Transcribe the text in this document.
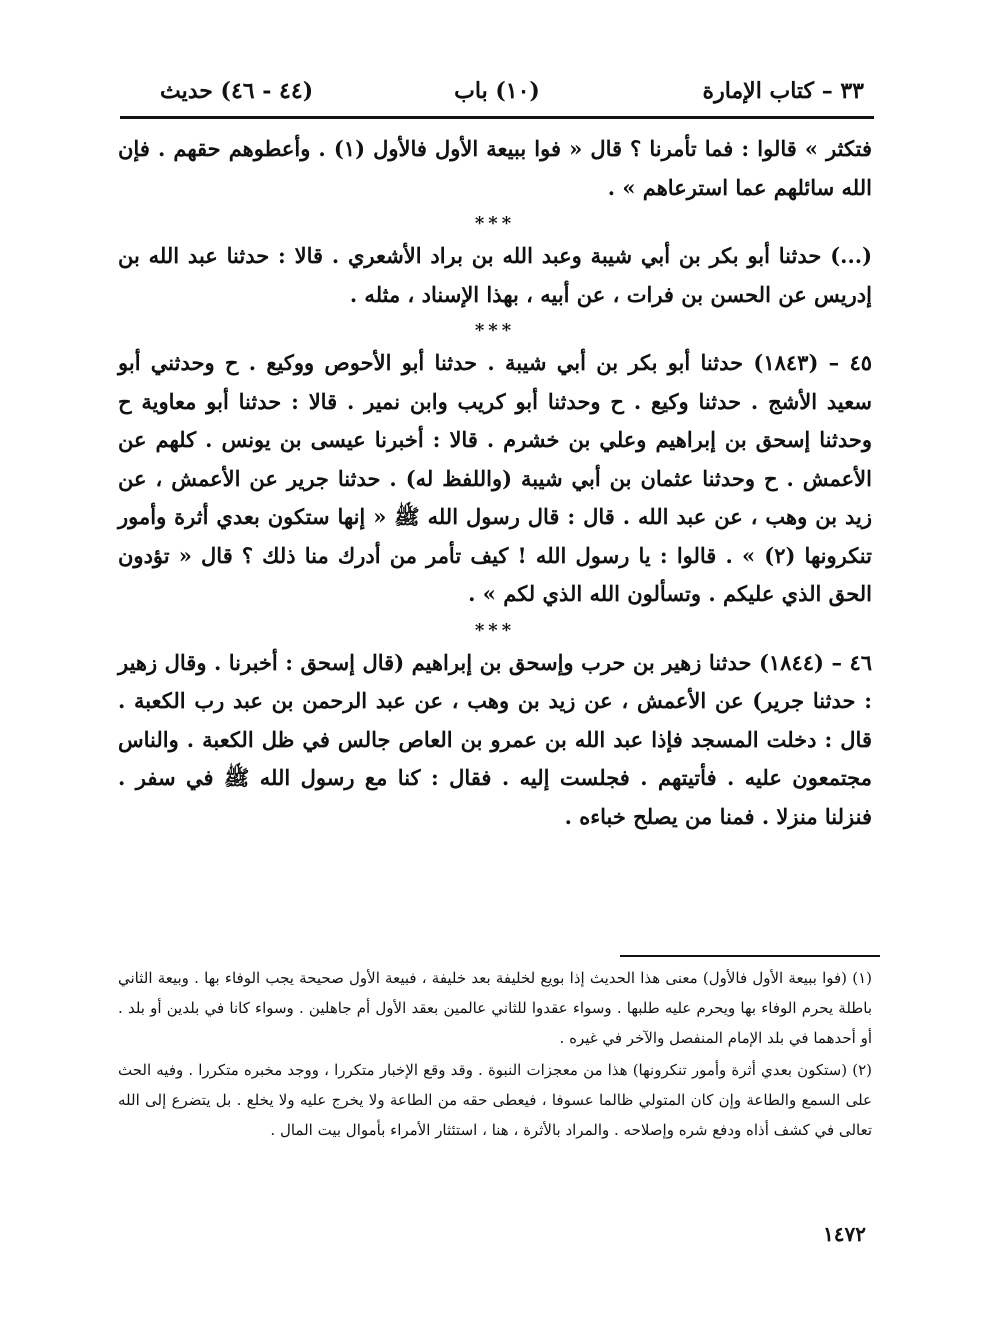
٣٣ – كتاب الإمارة
(١٠) باب
(٤٤ - ٤٦) حديث

فتكثر » قالوا : فما تأمرنا ؟ قال « فوا ببيعة الأول فالأول (١) . وأعطوهم حقهم . فإن الله سائلهم عما استرعاهم » .

***

(...) حدثنا أبو بكر بن أبي شيبة وعبد الله بن براد الأشعري . قالا : حدثنا عبد الله بن إدريس عن الحسن بن فرات ، عن أبيه ، بهذا الإسناد ، مثله .

***

٤٥ – (١٨٤٣) حدثنا أبو بكر بن أبي شيبة . حدثنا أبو الأحوص ووكيع . ح وحدثني أبو سعيد الأشج . حدثنا وكيع . ح وحدثنا أبو كريب وابن نمير . قالا : حدثنا أبو معاوية ح وحدثنا إسحق بن إبراهيم وعلي بن خشرم . قالا : أخبرنا عيسى بن يونس . كلهم عن الأعمش . ح وحدثنا عثمان بن أبي شيبة (واللفظ له) . حدثنا جرير عن الأعمش ، عن زيد بن وهب ، عن عبد الله . قال : قال رسول الله ﷺ « إنها ستكون بعدي أثرة وأمور تنكرونها (٢) » . قالوا : يا رسول الله ! كيف تأمر من أدرك منا ذلك ؟ قال « تؤدون الحق الذي عليكم . وتسألون الله الذي لكم » .

***

٤٦ – (١٨٤٤) حدثنا زهير بن حرب وإسحق بن إبراهيم (قال إسحق : أخبرنا . وقال زهير : حدثنا جرير) عن الأعمش ، عن زيد بن وهب ، عن عبد الرحمن بن عبد رب الكعبة . قال : دخلت المسجد فإذا عبد الله بن عمرو بن العاص جالس في ظل الكعبة . والناس مجتمعون عليه . فأتيتهم . فجلست إليه . فقال : كنا مع رسول الله ﷺ في سفر . فنزلنا منزلا . فمنا من يصلح خباءه .

(١) (فوا ببيعة الأول فالأول) معنى هذا الحديث إذا بويع لخليفة بعد خليفة ، فبيعة الأول صحيحة يجب الوفاء بها . وبيعة الثاني باطلة يحرم الوفاء بها ويحرم عليه طلبها . وسواء عقدوا للثاني عالمين بعقد الأول أم جاهلين . وسواء كانا في بلدين أو بلد . أو أحدهما في بلد الإمام المنفصل والآخر في غيره .

(٢) (ستكون بعدي أثرة وأمور تنكرونها) هذا من معجزات النبوة . وقد وقع الإخبار متكررا ، ووجد مخبره متكررا . وفيه الحث على السمع والطاعة وإن كان المتولي ظالما عسوفا ، فيعطى حقه من الطاعة ولا يخرج عليه ولا يخلع . بل يتضرع إلى الله تعالى في كشف أذاه ودفع شره وإصلاحه . والمراد بالأثرة ، هنا ، استئثار الأمراء بأموال بيت المال .

١٤٧٢
